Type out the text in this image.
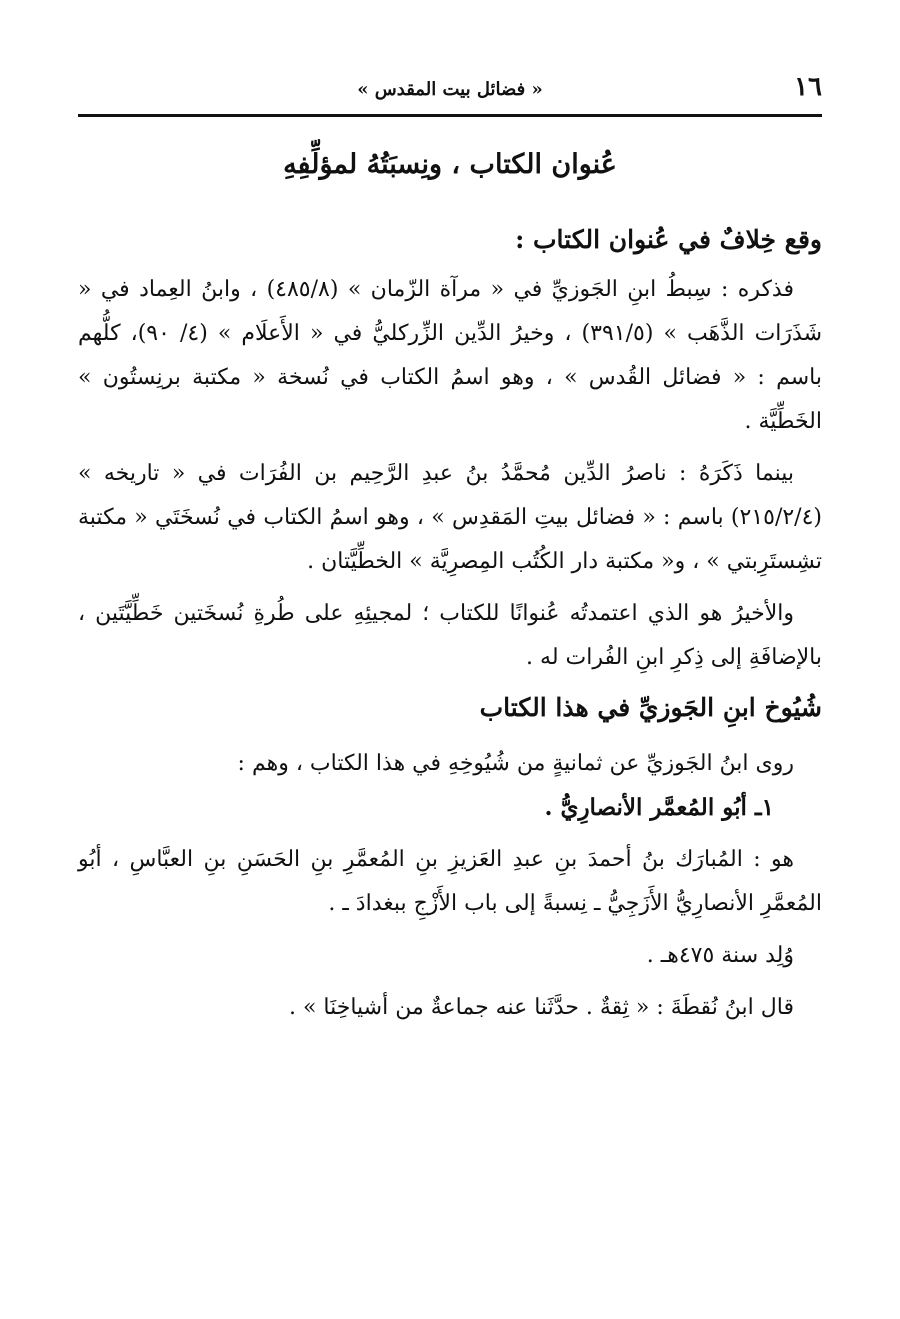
١٦
« فضائل بيت المقدس »
عُنوان الكتاب ، ونِسبَتُهُ لمؤلِّفِهِ
وقع خِلافٌ في عُنوان الكتاب :

فذكره : سِبطُ ابنِ الجَوزيِّ في « مرآة الزّمان » (٤٨٥/٨) ، وابنُ العِماد في « شَذَرَات الذَّهَب » (٣٩١/٥) ، وخيرُ الدِّين الزِّركليُّ في « الأَعلَام » (٤/ ٩٠)، كلُّهم باسم : « فضائل القُدس » ، وهو اسمُ الكتاب في نُسخة « مكتبة برنِستُون » الخَطِّيَّة .

بينما ذَكَرَهُ : ناصرُ الدِّين مُحمَّدُ بنُ عبدِ الرَّحِيم بن الفُرَات في « تاريخه » (٢١٥/٢/٤) باسم : « فضائل بيتِ المَقدِس » ، وهو اسمُ الكتاب في نُسخَتَي « مكتبة تشِستَرِبتي » ، و« مكتبة دار الكُتُب المِصرِيَّة » الخطِّيَّتان .

والأخيرُ هو الذي اعتمدتُه عُنوانًا للكتاب ؛ لمجيئِهِ على طُرةِ نُسخَتين خَطِّيَّتَين ، بالإضافَةِ إلى ذِكرِ ابنِ الفُرات له .

شُيُوخ ابنِ الجَوزيِّ في هذا الكتاب

روى ابنُ الجَوزيِّ عن ثمانيةٍ من شُيُوخِهِ في هذا الكتاب ، وهم :

١ـ أبُو المُعمَّر الأنصارِيُّ .

هو : المُبارَك بنُ أحمدَ بنِ عبدِ العَزيزِ بنِ المُعمَّرِ بنِ الحَسَنِ بنِ العبَّاسِ ، أبُو المُعمَّرِ الأنصارِيُّ الأَزَجِيُّ ـ نِسبةً إلى باب الأَزْجِ ببغدادَ ـ .

وُلِد سنة ٤٧٥هـ .

قال ابنُ نُقطَةَ : « ثِقةٌ . حدَّثَنا عنه جماعةٌ من أشياخِنَا » .
